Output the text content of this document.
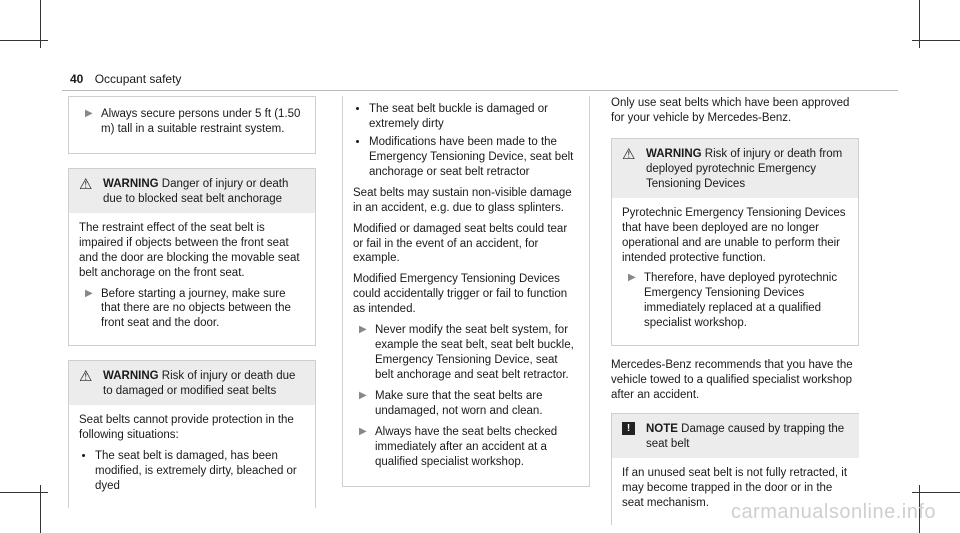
40 Occupant safety
▶ Always secure persons under 5 ft (1.50 m) tall in a suitable restraint system.
⚠ WARNING Danger of injury or death due to blocked seat belt anchorage

The restraint effect of the seat belt is impaired if objects between the front seat and the door are blocking the movable seat belt anchorage on the front seat.

▶ Before starting a journey, make sure that there are no objects between the front seat and the door.
⚠ WARNING Risk of injury or death due to damaged or modified seat belts

Seat belts cannot provide protection in the following situations:

• The seat belt is damaged, has been modified, is extremely dirty, bleached or dyed
• The seat belt buckle is damaged or extremely dirty
• Modifications have been made to the Emergency Tensioning Device, seat belt anchorage or seat belt retractor

Seat belts may sustain non-visible damage in an accident, e.g. due to glass splinters.

Modified or damaged seat belts could tear or fail in the event of an accident, for example.

Modified Emergency Tensioning Devices could accidentally trigger or fail to function as intended.

▶ Never modify the seat belt system, for example the seat belt, seat belt buckle, Emergency Tensioning Device, seat belt anchorage and seat belt retractor.
▶ Make sure that the seat belts are undamaged, not worn and clean.
▶ Always have the seat belts checked immediately after an accident at a qualified specialist workshop.

Only use seat belts which have been approved for your vehicle by Mercedes-Benz.

⚠ WARNING Risk of injury or death from deployed pyrotechnic Emergency Tensioning Devices

Pyrotechnic Emergency Tensioning Devices that have been deployed are no longer operational and are unable to perform their intended protective function.

▶ Therefore, have deployed pyrotechnic Emergency Tensioning Devices immediately replaced at a qualified specialist workshop.

Mercedes-Benz recommends that you have the vehicle towed to a qualified specialist workshop after an accident.

!	NOTE Damage caused by trapping the seat belt

If an unused seat belt is not fully retracted, it may become trapped in the door or in the seat mechanism.	carmanualsonline.info
